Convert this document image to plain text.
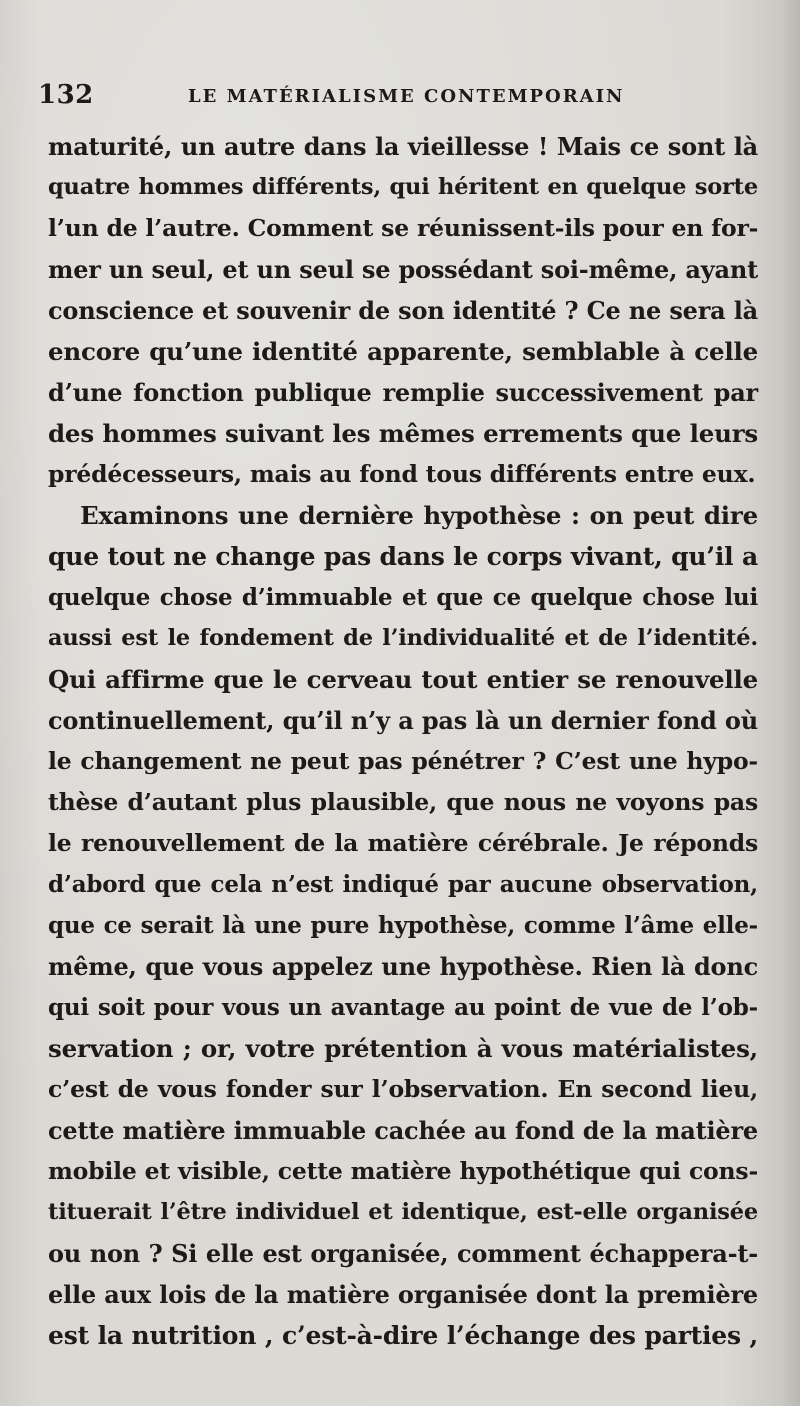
132	LE MATÉRIALISME CONTEMPORAIN
maturité, un autre dans la vieillesse ! Mais ce sont là
quatre hommes différents, qui héritent en quelque sorte
l’un de l’autre. Comment se réunissent-ils pour en for-
mer un seul, et un seul se possédant soi-même, ayant
conscience et souvenir de son identité ? Ce ne sera là
encore qu’une identité apparente, semblable à celle
d’une fonction publique remplie successivement par
des hommes suivant les mêmes errements que leurs
prédécesseurs, mais au fond tous différents entre eux.
Examinons une dernière hypothèse : on peut dire
que tout ne change pas dans le corps vivant, qu’il a
quelque chose d’immuable et que ce quelque chose lui
aussi est le fondement de l’individualité et de l’identité.
Qui affirme que le cerveau tout entier se renouvelle
continuellement, qu’il n’y a pas là un dernier fond où
le changement ne peut pas pénétrer ? C’est une hypo-
thèse d’autant plus plausible, que nous ne voyons pas
le renouvellement de la matière cérébrale. Je réponds
d’abord que cela n’est indiqué par aucune observation,
que ce serait là une pure hypothèse, comme l’âme elle-
même, que vous appelez une hypothèse. Rien là donc
qui soit pour vous un avantage au point de vue de l’ob-
servation ; or, votre prétention à vous matérialistes,
c’est de vous fonder sur l’observation. En second lieu,
cette matière immuable cachée au fond de la matière
mobile et visible, cette matière hypothétique qui cons-
tituerait l’être individuel et identique, est-elle organisée
ou non ? Si elle est organisée, comment échappera-t-
elle aux lois de la matière organisée dont la première
est la nutrition , c’est-à-dire l’échange des parties ,
